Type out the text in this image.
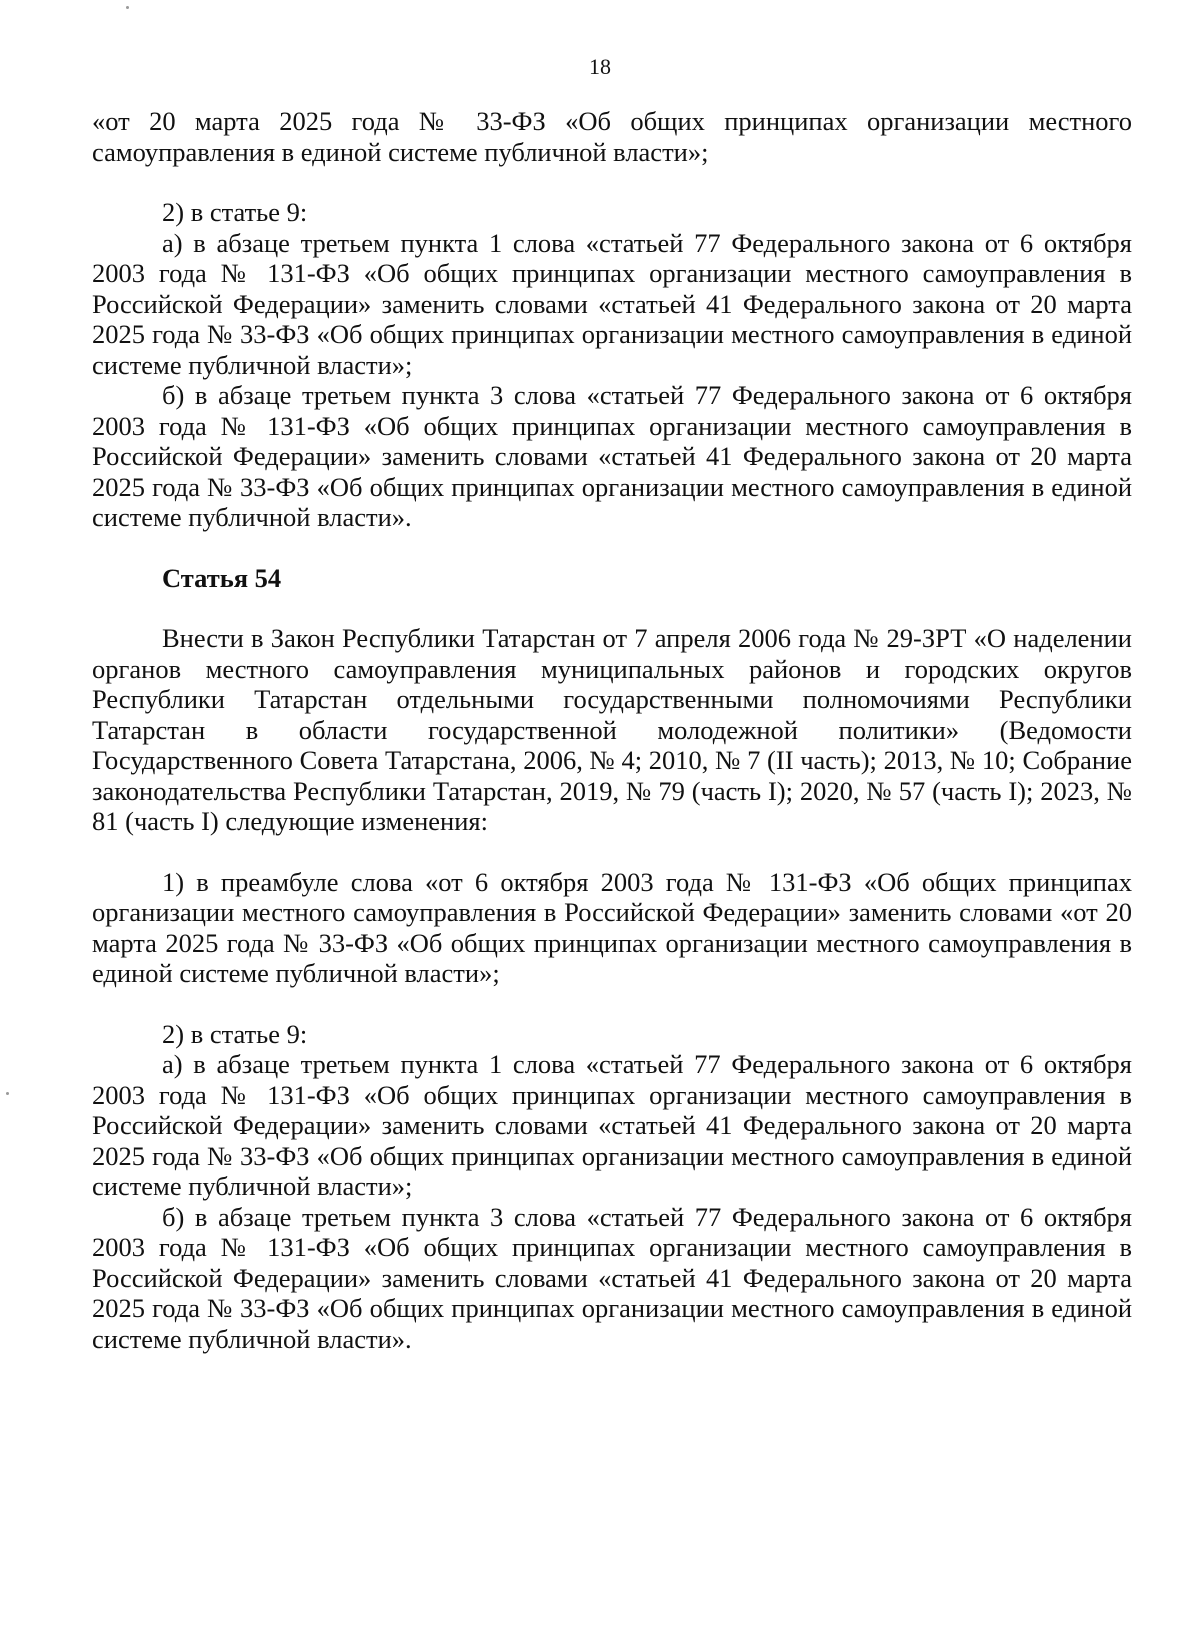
18

«от 20 марта 2025 года № 33-ФЗ «Об общих принципах организации местного самоуправления в единой системе публичной власти»;

2) в статье 9:

а) в абзаце третьем пункта 1 слова «статьей 77 Федерального закона от 6 октября 2003 года № 131-ФЗ «Об общих принципах организации местного самоуправления в Российской Федерации» заменить словами «статьей 41 Федерального закона от 20 марта 2025 года № 33-ФЗ «Об общих принципах организации местного самоуправления в единой системе публичной власти»;

б) в абзаце третьем пункта 3 слова «статьей 77 Федерального закона от 6 октября 2003 года № 131-ФЗ «Об общих принципах организации местного самоуправления в Российской Федерации» заменить словами «статьей 41 Федерального закона от 20 марта 2025 года № 33-ФЗ «Об общих принципах организации местного самоуправления в единой системе публичной власти».

Статья 54

Внести в Закон Республики Татарстан от 7 апреля 2006 года № 29-ЗРТ «О наделении органов местного самоуправления муниципальных районов и городских округов Республики Татарстан отдельными государственными полномочиями Республики Татарстан в области государственной молодежной политики» (Ведомости Государственного Совета Татарстана, 2006, № 4; 2010, № 7 (II часть); 2013, № 10; Собрание законодательства Республики Татарстан, 2019, № 79 (часть I); 2020, № 57 (часть I); 2023, № 81 (часть I) следующие изменения:

1) в преамбуле слова «от 6 октября 2003 года № 131-ФЗ «Об общих принципах организации местного самоуправления в Российской Федерации» заменить словами «от 20 марта 2025 года № 33-ФЗ «Об общих принципах организации местного самоуправления в единой системе публичной власти»;

2) в статье 9:

а) в абзаце третьем пункта 1 слова «статьей 77 Федерального закона от 6 октября 2003 года № 131-ФЗ «Об общих принципах организации местного самоуправления в Российской Федерации» заменить словами «статьей 41 Федерального закона от 20 марта 2025 года № 33-ФЗ «Об общих принципах организации местного самоуправления в единой системе публичной власти»;

б) в абзаце третьем пункта 3 слова «статьей 77 Федерального закона от 6 октября 2003 года № 131-ФЗ «Об общих принципах организации местного самоуправления в Российской Федерации» заменить словами «статьей 41 Федерального закона от 20 марта 2025 года № 33-ФЗ «Об общих принципах организации местного самоуправления в единой системе публичной власти».
